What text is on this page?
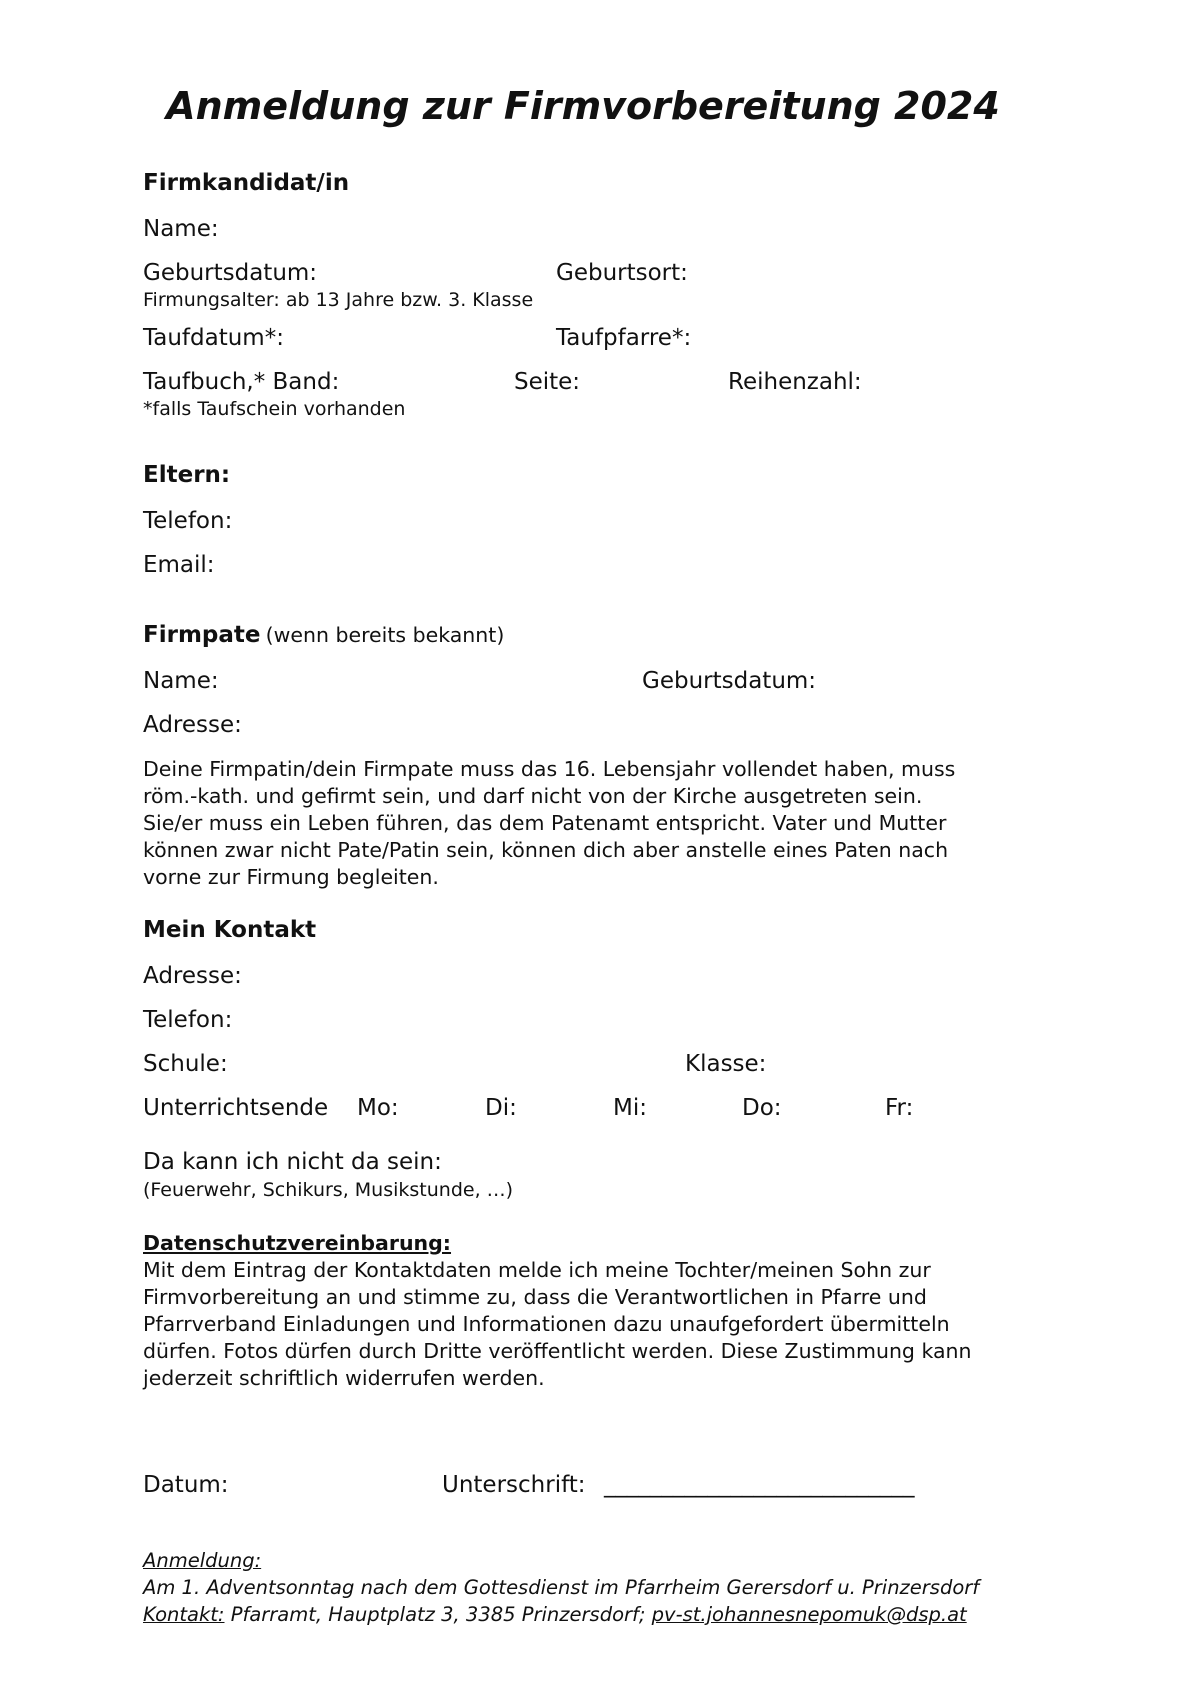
Anmeldung zur Firmvorbereitung 2024
Firmkandidat/in
Name:
Geburtsdatum:	Geburtsort:
Firmungsalter: ab 13 Jahre bzw. 3. Klasse
Taufdatum*:	Taufpfarre*:
Taufbuch,* Band:	Seite:	Reihenzahl:
*falls Taufschein vorhanden
Eltern:
Telefon:
Email:
Firmpate (wenn bereits bekannt)
Name:	Geburtsdatum:
Adresse:
Deine Firmpatin/dein Firmpate muss das 16. Lebensjahr vollendet haben, muss
röm.-kath. und gefirmt sein, und darf nicht von der Kirche ausgetreten sein.
Sie/er muss ein Leben führen, das dem Patenamt entspricht. Vater und Mutter
können zwar nicht Pate/Patin sein, können dich aber anstelle eines Paten nach
vorne zur Firmung begleiten.
Mein Kontakt
Adresse:
Telefon:
Schule:	Klasse:
Unterrichtsende Mo:	Di:	Mi:	Do:	Fr:
Da kann ich nicht da sein:
(Feuerwehr, Schikurs, Musikstunde, …)
Datenschutzvereinbarung:
Mit dem Eintrag der Kontaktdaten melde ich meine Tochter/meinen Sohn zur
Firmvorbereitung an und stimme zu, dass die Verantwortlichen in Pfarre und
Pfarrverband Einladungen und Informationen dazu unaufgefordert übermitteln
dürfen. Fotos dürfen durch Dritte veröffentlicht werden. Diese Zustimmung kann
jederzeit schriftlich widerrufen werden.
Datum:	Unterschrift: ___________________________
Anmeldung:
Am 1. Adventsonntag nach dem Gottesdienst im Pfarrheim Gerersdorf u. Prinzersdorf
Kontakt: Pfarramt, Hauptplatz 3, 3385 Prinzersdorf; pv-st.johannesnepomuk@dsp.at
